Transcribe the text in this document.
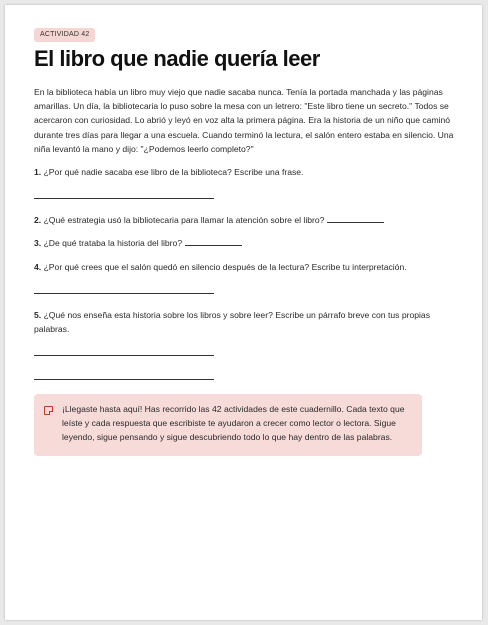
ACTIVIDAD 42
El libro que nadie quería leer

En la biblioteca había un libro muy viejo que nadie sacaba nunca. Tenía la portada manchada y las páginas amarillas. Un día, la bibliotecaria lo puso sobre la mesa con un letrero: "Este libro tiene un secreto." Todos se acercaron con curiosidad. Lo abrió y leyó en voz alta la primera página. Era la historia de un niño que caminó durante tres días para llegar a una escuela. Cuando terminó la lectura, el salón entero estaba en silencio. Una niña levantó la mano y dijo: "¿Podemos leerlo completo?"

1. ¿Por qué nadie sacaba ese libro de la biblioteca? Escribe una frase.

2. ¿Qué estrategia usó la bibliotecaria para llamar la atención sobre el libro?

3. ¿De qué trataba la historia del libro?

4. ¿Por qué crees que el salón quedó en silencio después de la lectura? Escribe tu interpretación.

5. ¿Qué nos enseña esta historia sobre los libros y sobre leer? Escribe un párrafo breve con tus propias palabras.

¡Llegaste hasta aquí! Has recorrido las 42 actividades de este cuadernillo. Cada texto que leíste y cada respuesta que escribiste te ayudaron a crecer como lector o lectora. Sigue leyendo, sigue pensando y sigue descubriendo todo lo que hay dentro de las palabras.
